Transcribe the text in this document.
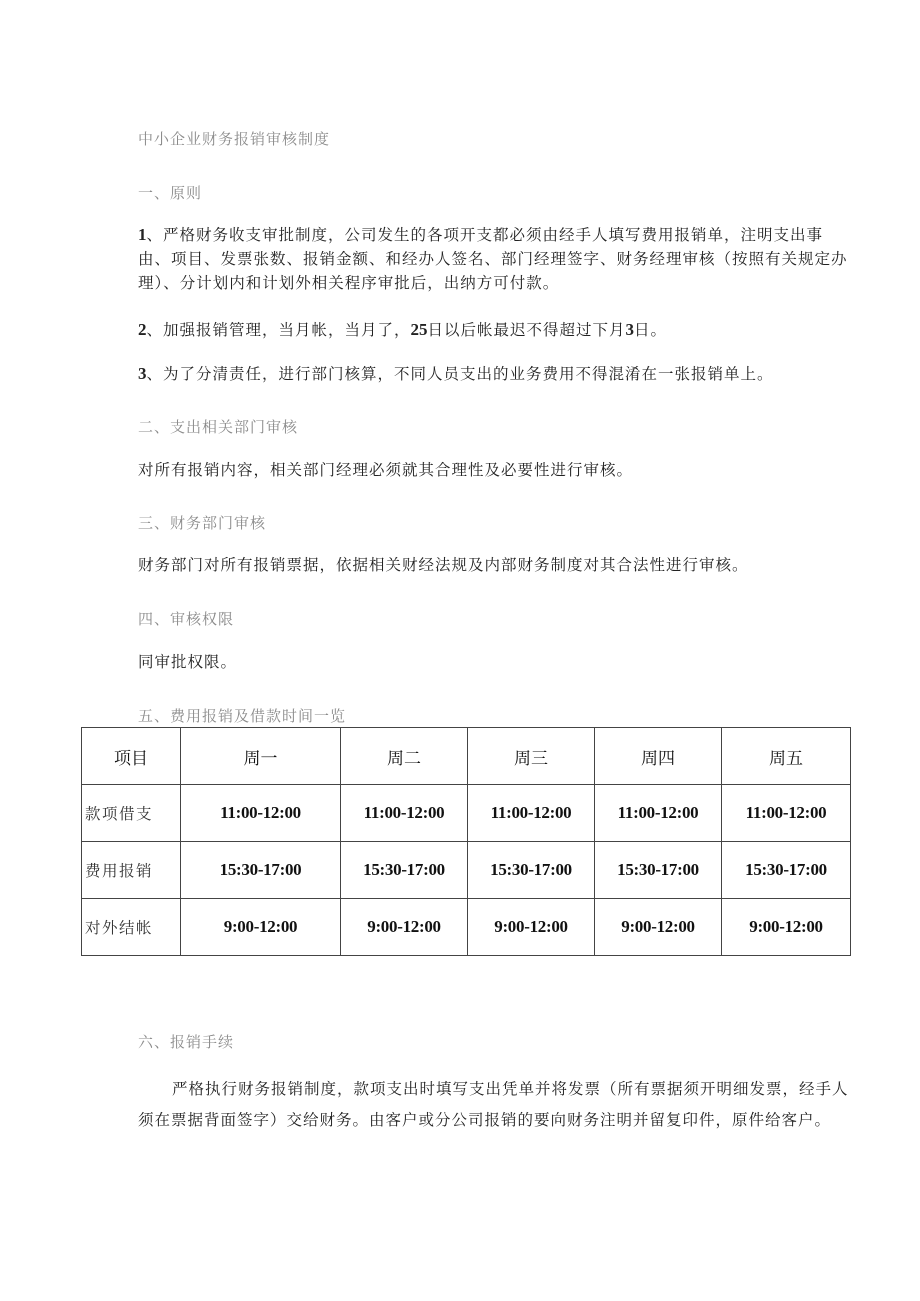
中小企业财务报销审核制度
一、原则
1、严格财务收支审批制度，公司发生的各项开支都必须由经手人填写费用报销单，注明支出事由、项目、发票张数、报销金额、和经办人签名、部门经理签字、财务经理审核（按照有关规定办理）、分计划内和计划外相关程序审批后，出纳方可付款。
2、加强报销管理，当月帐，当月了，25日以后帐最迟不得超过下月3日。
3、为了分清责任，进行部门核算，不同人员支出的业务费用不得混淆在一张报销单上。
二、支出相关部门审核
对所有报销内容，相关部门经理必须就其合理性及必要性进行审核。
三、财务部门审核
财务部门对所有报销票据，依据相关财经法规及内部财务制度对其合法性进行审核。
四、审核权限
同审批权限。
五、费用报销及借款时间一览
项目	周一	周二	周三	周四	周五
款项借支	11:00-12:00	11:00-12:00	11:00-12:00	11:00-12:00	11:00-12:00
费用报销	15:30-17:00	15:30-17:00	15:30-17:00	15:30-17:00	15:30-17:00
对外结帐	9:00-12:00	9:00-12:00	9:00-12:00	9:00-12:00	9:00-12:00
六、报销手续
严格执行财务报销制度，款项支出时填写支出凭单并将发票（所有票据须开明细发票，经手人须在票据背面签字）交给财务。由客户或分公司报销的要向财务注明并留复印件，原件给客户。
